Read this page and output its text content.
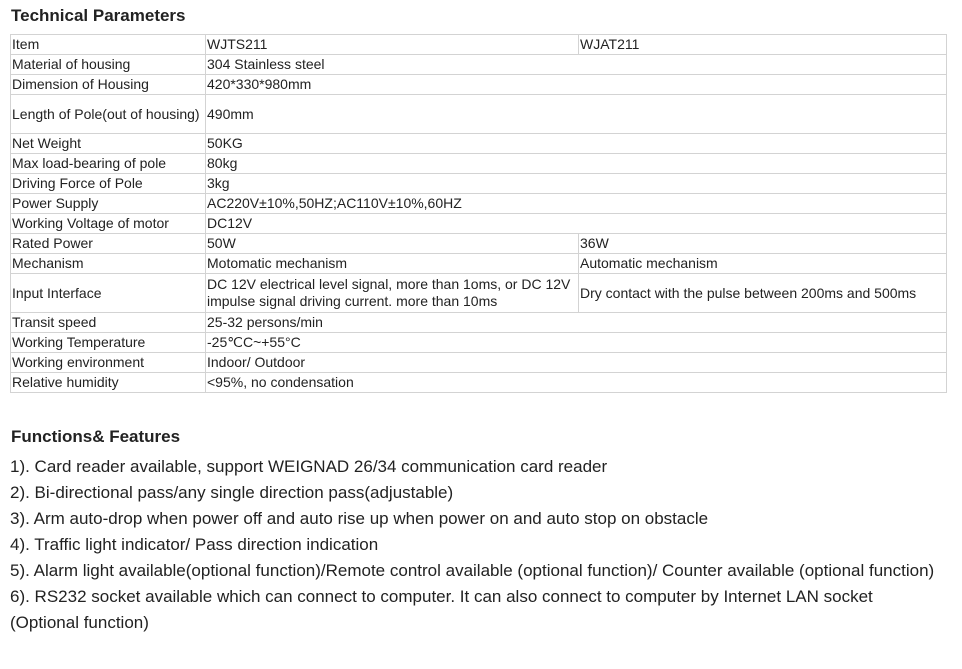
Technical Parameters
Item	WJTS211	WJAT211
Material of housing	304 Stainless steel	
Dimension of Housing	420*330*980mm	
Length of Pole(out of housing)	490mm	
Net Weight	50KG	
Max load-bearing of pole	80kg	
Driving Force of Pole	3kg	
Power Supply	AC220V±10%,50HZ;AC110V±10%,60HZ	
Working Voltage of motor	DC12V	
Rated Power	50W	36W
Mechanism	Motomatic mechanism	Automatic mechanism
Input Interface	DC 12V electrical level signal, more than 1oms, or DC 12V impulse signal driving current. more than 10ms	Dry contact with the pulse between 200ms and 500ms
Transit speed	25-32 persons/min	
Working Temperature	-25℃C~+55°C	
Working environment	Indoor/ Outdoor	
Relative humidity	<95%, no condensation	
Functions& Features
1). Card reader available, support WEIGNAD 26/34 communication card reader
2). Bi-directional pass/any single direction pass(adjustable)
3). Arm auto-drop when power off and auto rise up when power on and auto stop on obstacle
4). Traffic light indicator/ Pass direction indication
5). Alarm light available(optional function)/Remote control available (optional function)/ Counter available (optional function)
6). RS232 socket available which can connect to computer. It can also connect to computer by Internet LAN socket (Optional function)
